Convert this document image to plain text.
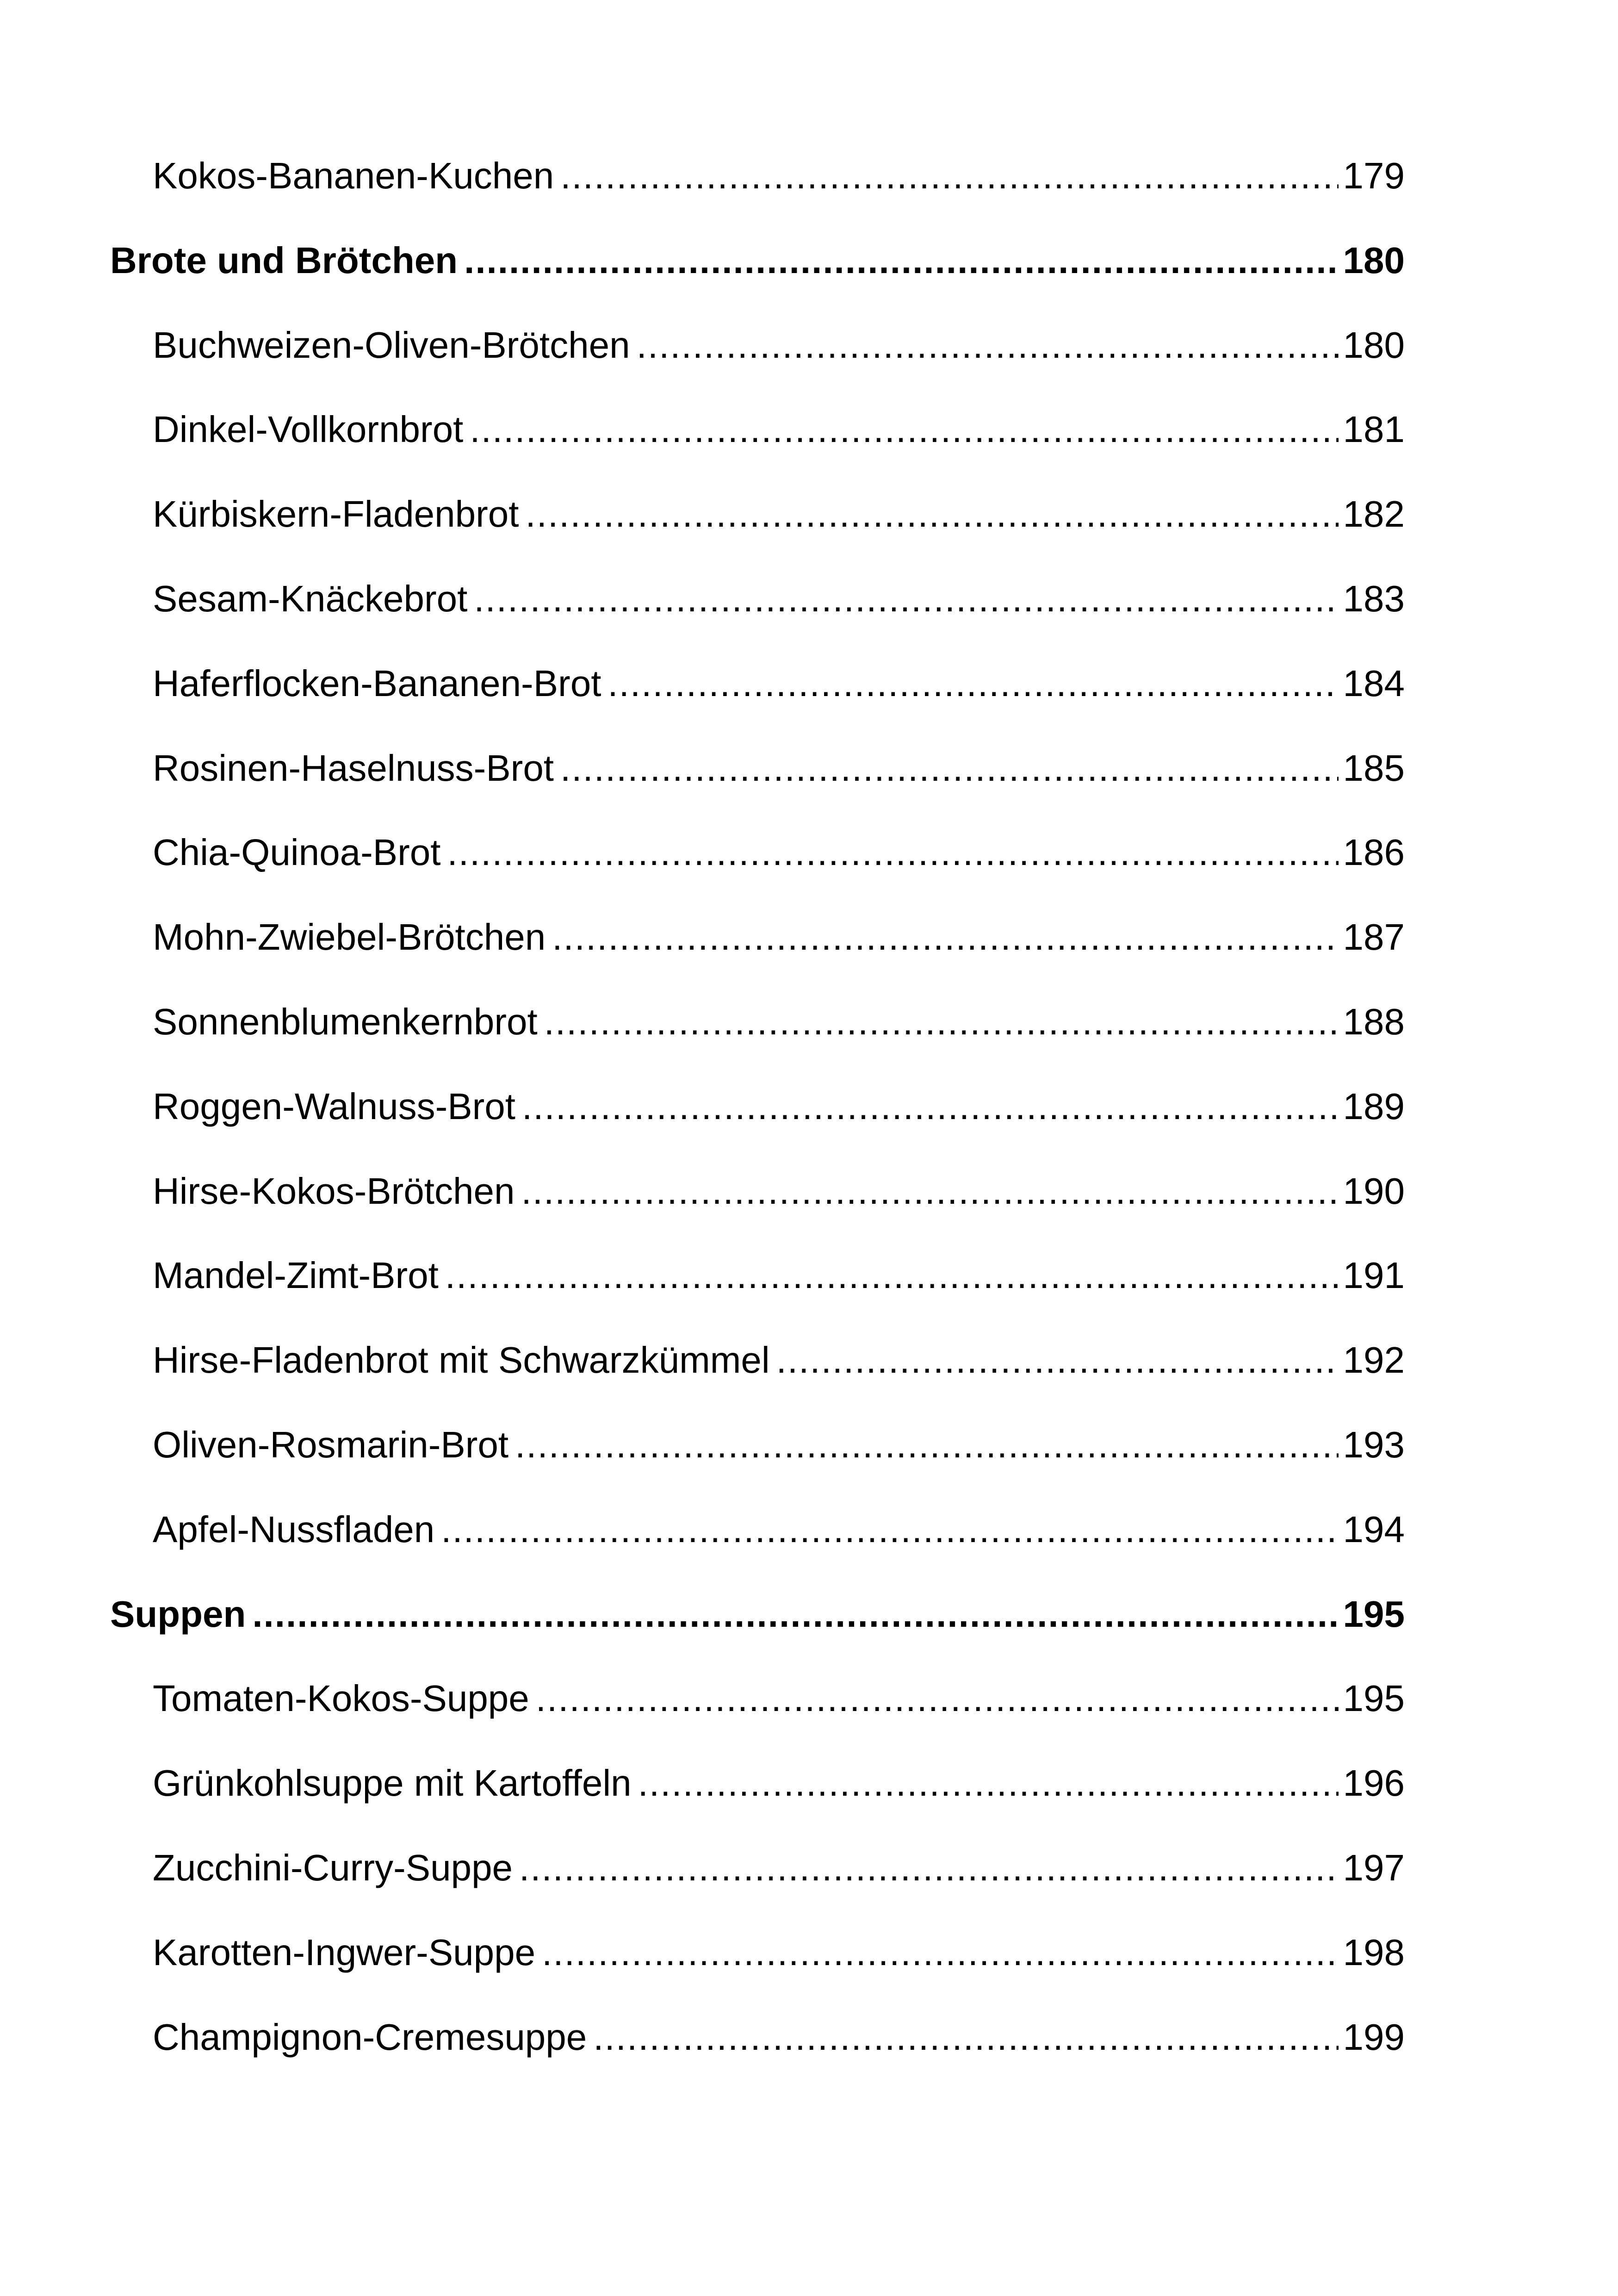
Kokos-Bananen-Kuchen .....	179
Brote und Brötchen .....	180
Buchweizen-Oliven-Brötchen .....	180
Dinkel-Vollkornbrot .....	181
Kürbiskern-Fladenbrot .....	182
Sesam-Knäckebrot .....	183
Haferflocken-Bananen-Brot .....	184
Rosinen-Haselnuss-Brot .....	185
Chia-Quinoa-Brot .....	186
Mohn-Zwiebel-Brötchen .....	187
Sonnenblumenkernbrot .....	188
Roggen-Walnuss-Brot .....	189
Hirse-Kokos-Brötchen .....	190
Mandel-Zimt-Brot .....	191
Hirse-Fladenbrot mit Schwarzkümmel .....	192
Oliven-Rosmarin-Brot .....	193
Apfel-Nussfladen .....	194
Suppen .....	195
Tomaten-Kokos-Suppe .....	195
Grünkohlsuppe mit Kartoffeln .....	196
Zucchini-Curry-Suppe .....	197
Karotten-Ingwer-Suppe .....	198
Champignon-Cremesuppe .....	199
